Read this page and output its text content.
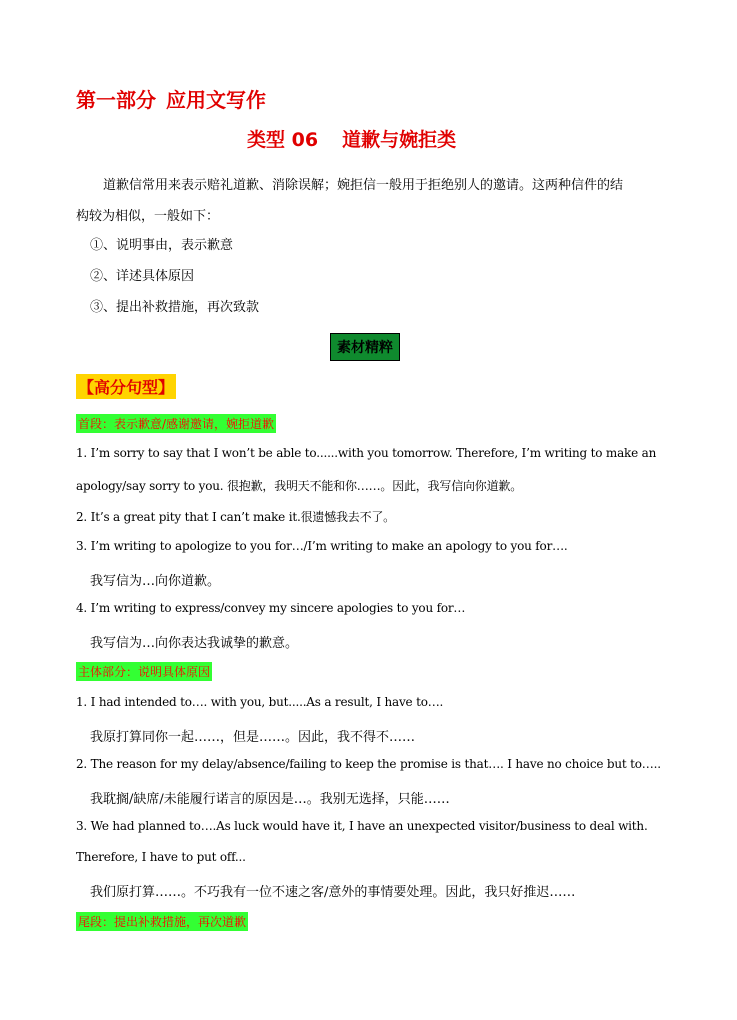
第一部分 应用文写作
类型 06 道歉与婉拒类
道歉信常用来表示赔礼道歉、消除误解；婉拒信一般用于拒绝别人的邀请。这两种信件的结
构较为相似，一般如下：
①、说明事由，表示歉意
②、详述具体原因
③、提出补救措施，再次致款
素材精粹
【高分句型】
首段：表示歉意/感谢邀请，婉拒道歉
1. I’m sorry to say that I won’t be able to......with you tomorrow. Therefore, I’m writing to make an
apology/say sorry to you. 很抱歉，我明天不能和你……。因此，我写信向你道歉。
2. It’s a great pity that I can’t make it.很遗憾我去不了。
3. I’m writing to apologize to you for…/I’m writing to make an apology to you for….
我写信为…向你道歉。
4. I’m writing to express/convey my sincere apologies to you for…
我写信为…向你表达我诚挚的歉意。
主体部分：说明具体原因
1. I had intended to…. with you, but.....As a result, I have to….
我原打算同你一起……，但是……。因此，我不得不……
2. The reason for my delay/absence/failing to keep the promise is that…. I have no choice but to…..
我耽搁/缺席/未能履行诺言的原因是…。我别无选择，只能……
3. We had planned to….As luck would have it, I have an unexpected visitor/business to deal with.
Therefore, I have to put off...
我们原打算……。不巧我有一位不速之客/意外的事情要处理。因此，我只好推迟……
尾段：提出补救措施，再次道歉
